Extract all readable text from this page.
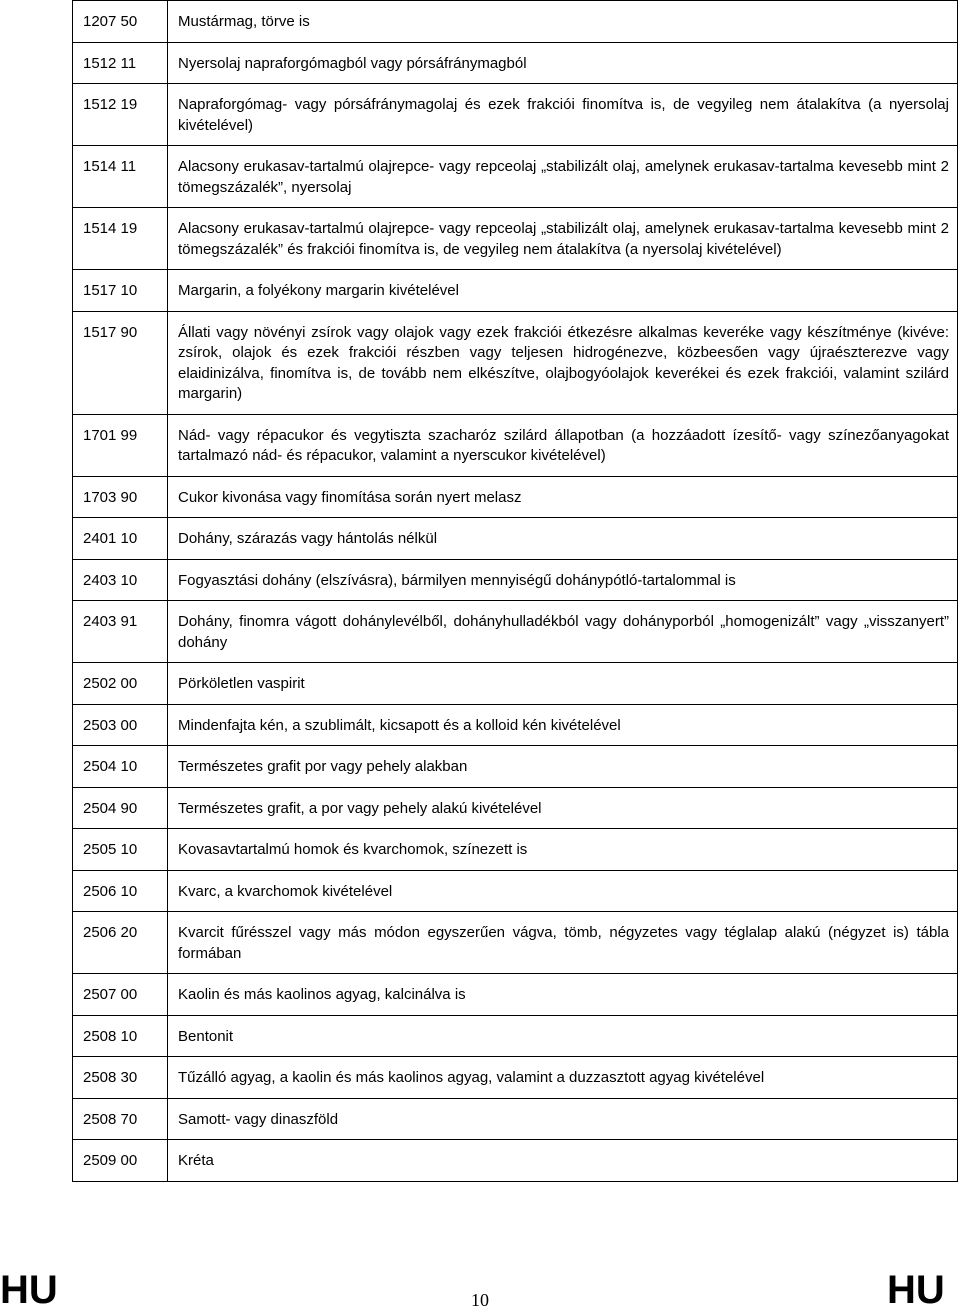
1207 50	Mustármag, törve is
1512 11	Nyersolaj napraforgómagból vagy pórsáfránymagból
1512 19	Napraforgómag- vagy pórsáfránymagolaj és ezek frakciói finomítva is, de vegyileg nem átalakítva (a nyersolaj kivételével)
1514 11	Alacsony erukasav-tartalmú olajrepce- vagy repceolaj „stabilizált olaj, amelynek erukasav-tartalma kevesebb mint 2 tömegszázalék”, nyersolaj
1514 19	Alacsony erukasav-tartalmú olajrepce- vagy repceolaj „stabilizált olaj, amelynek erukasav-tartalma kevesebb mint 2 tömegszázalék” és frakciói finomítva is, de vegyileg nem átalakítva (a nyersolaj kivételével)
1517 10	Margarin, a folyékony margarin kivételével
1517 90	Állati vagy növényi zsírok vagy olajok vagy ezek frakciói étkezésre alkalmas keveréke vagy készítménye (kivéve: zsírok, olajok és ezek frakciói részben vagy teljesen hidrogénezve, közbeesően vagy újraészterezve vagy elaidinizálva, finomítva is, de tovább nem elkészítve, olajbogyóolajok keverékei és ezek frakciói, valamint szilárd margarin)
1701 99	Nád- vagy répacukor és vegytiszta szacharóz szilárd állapotban (a hozzáadott ízesítő- vagy színezőanyagokat tartalmazó nád- és répacukor, valamint a nyerscukor kivételével)
1703 90	Cukor kivonása vagy finomítása során nyert melasz
2401 10	Dohány, szárazás vagy hántolás nélkül
2403 10	Fogyasztási dohány (elszívásra), bármilyen mennyiségű dohánypótló-tartalommal is
2403 91	Dohány, finomra vágott dohánylevélből, dohányhulladékból vagy dohányporból „homogenizált” vagy „visszanyert” dohány
2502 00	Pörköletlen vaspirit
2503 00	Mindenfajta kén, a szublimált, kicsapott és a kolloid kén kivételével
2504 10	Természetes grafit por vagy pehely alakban
2504 90	Természetes grafit, a por vagy pehely alakú kivételével
2505 10	Kovasavtartalmú homok és kvarchomok, színezett is
2506 10	Kvarc, a kvarchomok kivételével
2506 20	Kvarcit fűrésszel vagy más módon egyszerűen vágva, tömb, négyzetes vagy téglalap alakú (négyzet is) tábla formában
2507 00	Kaolin és más kaolinos agyag, kalcinálva is
2508 10	Bentonit
2508 30	Tűzálló agyag, a kaolin és más kaolinos agyag, valamint a duzzasztott agyag kivételével
2508 70	Samott- vagy dinaszföld
2509 00	Kréta
HU	10	HU
